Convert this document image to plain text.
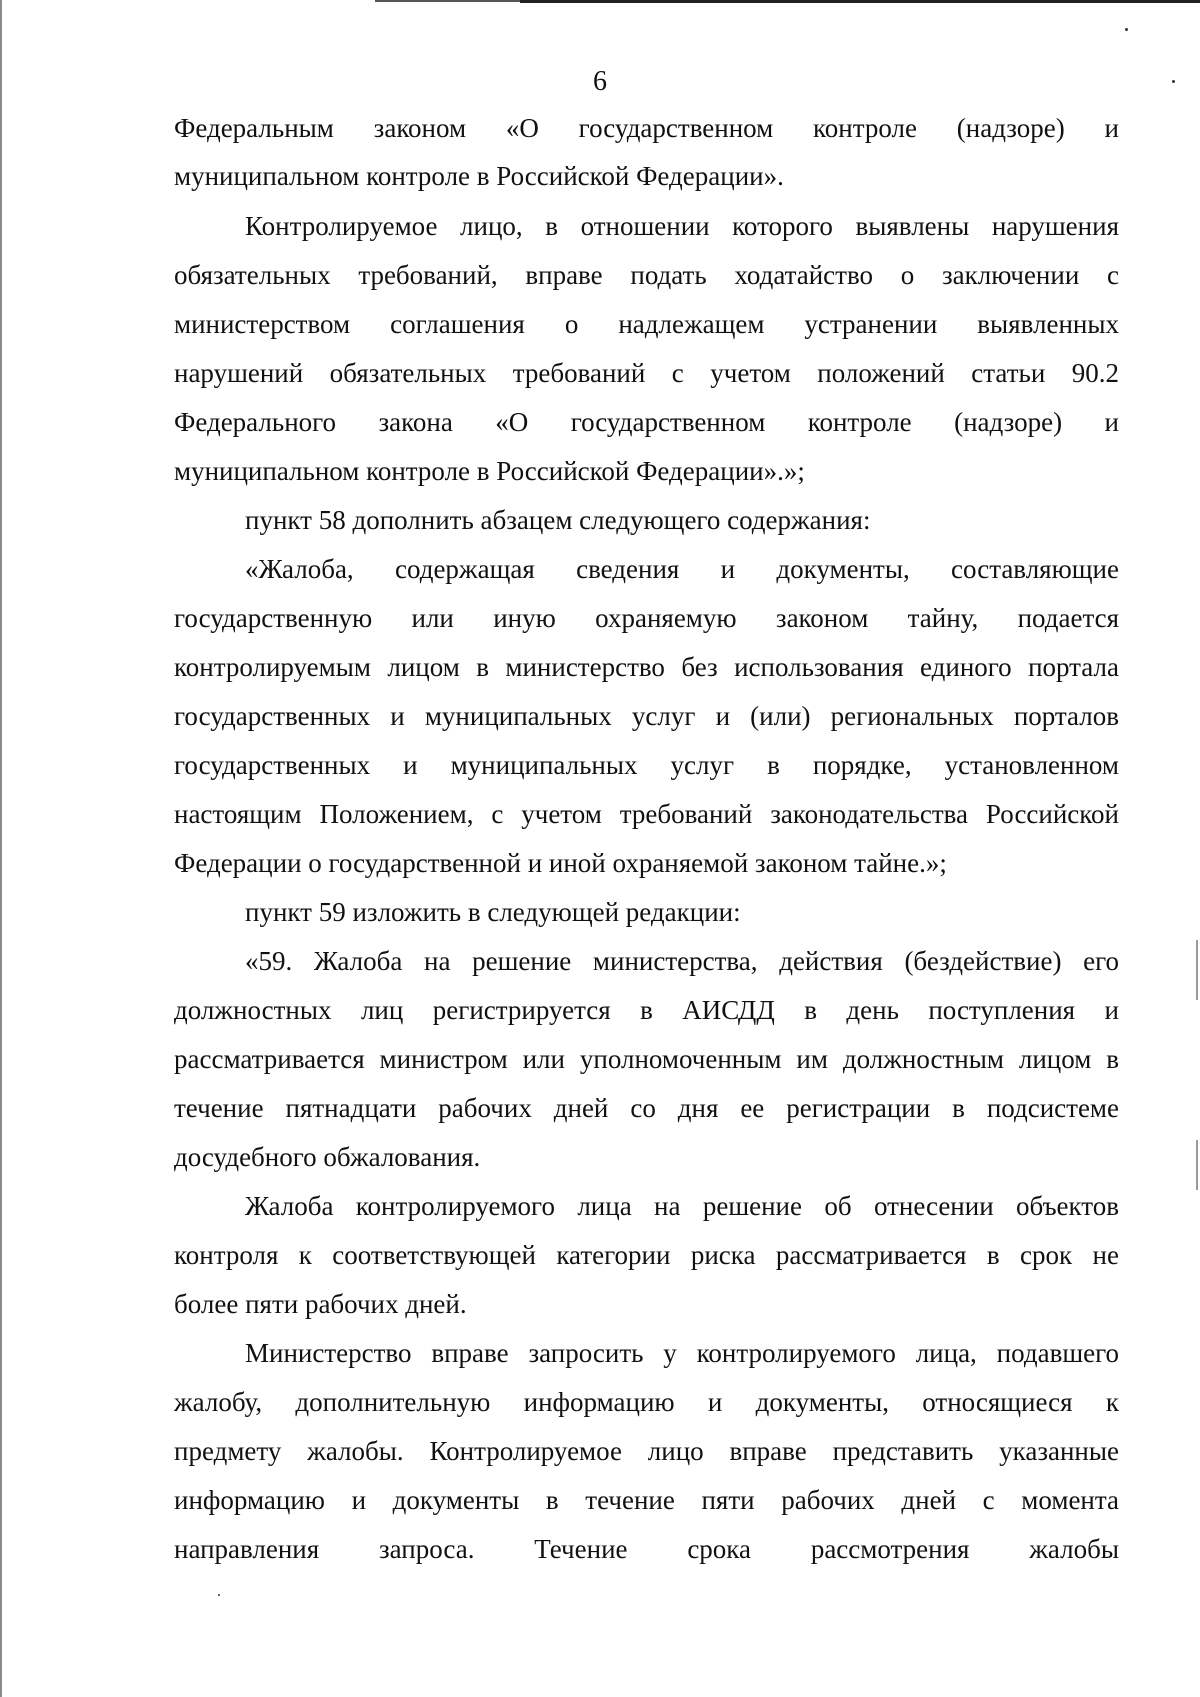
6
Федеральным законом «О государственном контроле (надзоре) и
муниципальном контроле в Российской Федерации».
Контролируемое лицо, в отношении которого выявлены нарушения
обязательных требований, вправе подать ходатайство о заключении с
министерством соглашения о надлежащем устранении выявленных
нарушений обязательных требований с учетом положений статьи 90.2
Федерального закона «О государственном контроле (надзоре) и
муниципальном контроле в Российской Федерации».»;
пункт 58 дополнить абзацем следующего содержания:
«Жалоба, содержащая сведения и документы, составляющие
государственную или иную охраняемую законом тайну, подается
контролируемым лицом в министерство без использования единого портала
государственных и муниципальных услуг и (или) региональных порталов
государственных и муниципальных услуг в порядке, установленном
настоящим Положением, с учетом требований законодательства Российской
Федерации о государственной и иной охраняемой законом тайне.»;
пункт 59 изложить в следующей редакции:
«59. Жалоба на решение министерства, действия (бездействие) его
должностных лиц регистрируется в АИСДД в день поступления и
рассматривается министром или уполномоченным им должностным лицом в
течение пятнадцати рабочих дней со дня ее регистрации в подсистеме
досудебного обжалования.
Жалоба контролируемого лица на решение об отнесении объектов
контроля к соответствующей категории риска рассматривается в срок не
более пяти рабочих дней.
Министерство вправе запросить у контролируемого лица, подавшего
жалобу, дополнительную информацию и документы, относящиеся к
предмету жалобы. Контролируемое лицо вправе представить указанные
информацию и документы в течение пяти рабочих дней с момента
направления запроса. Течение срока рассмотрения жалобы
